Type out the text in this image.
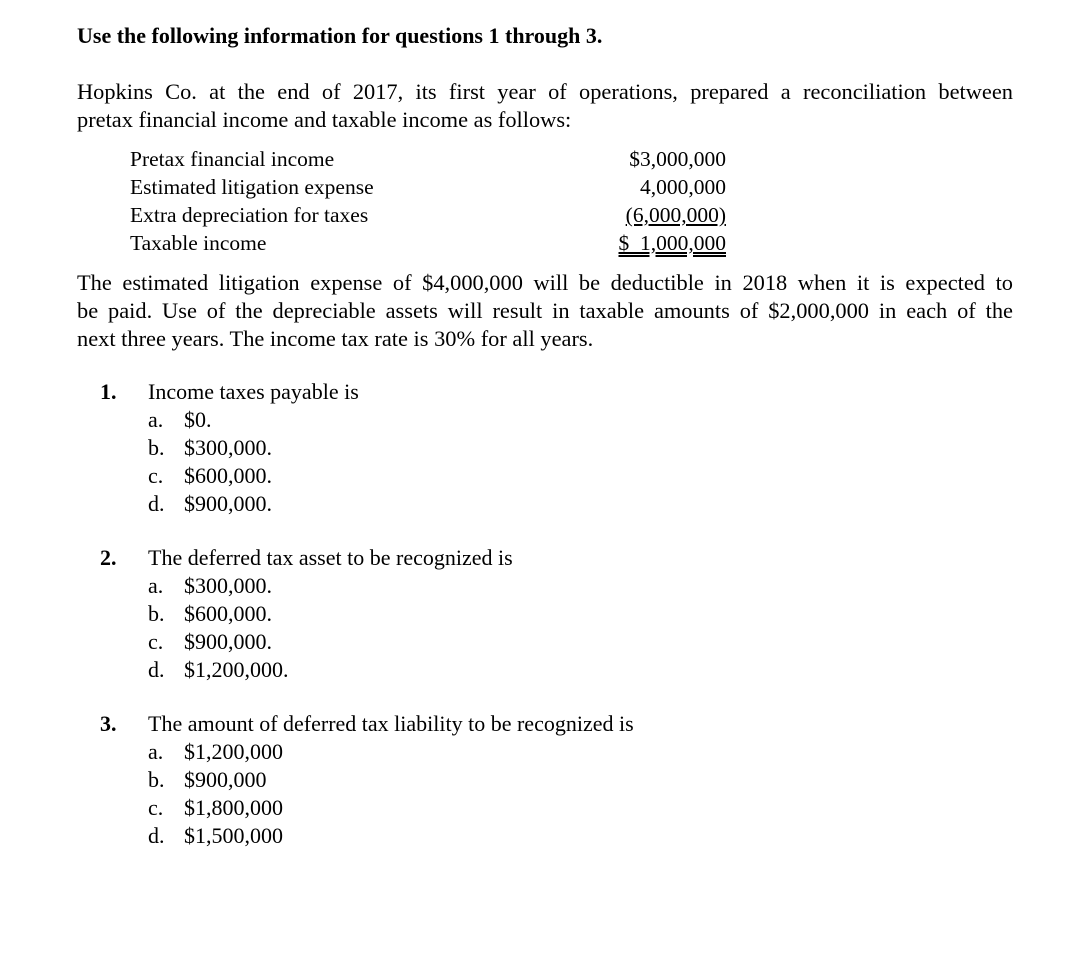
Use the following information for questions 1 through 3.
Hopkins Co. at the end of 2017, its first year of operations, prepared a reconciliation between
pretax financial income and taxable income as follows:
Pretax financial income	$3,000,000
Estimated litigation expense	4,000,000
Extra depreciation for taxes	(6,000,000)
Taxable income	$  1,000,000
The estimated litigation expense of $4,000,000 will be deductible in 2018 when it is expected to
be paid. Use of the depreciable assets will result in taxable amounts of $2,000,000 in each of the
next three years. The income tax rate is 30% for all years.
1. Income taxes payable is
a. $0.
b. $300,000.
c. $600,000.
d. $900,000.
2. The deferred tax asset to be recognized is
a. $300,000.
b. $600,000.
c. $900,000.
d. $1,200,000.
3. The amount of deferred tax liability to be recognized is
a. $1,200,000
b. $900,000
c. $1,800,000
d. $1,500,000
